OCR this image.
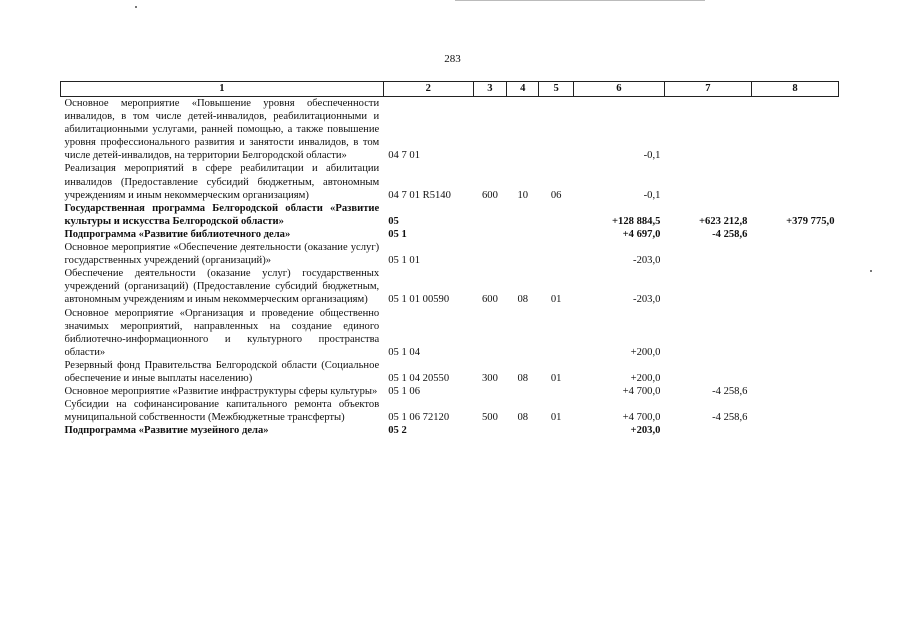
283
1	2	3	4	5	6	7	8
Основное мероприятие «Повышение уровня обеспеченности инвалидов, в том числе детей-инвалидов, реабилитационными и абилитационными услугами, ранней помощью, а также повышение уровня профессионального развития и занятости инвалидов, в том числе детей-инвалидов, на территории Белгородской области»	04 7 01				-0,1		
Реализация мероприятий в сфере реабилитации и абилитации инвалидов (Предоставление субсидий бюджетным, автономным учреждениям и иным некоммерческим организациям)	04 7 01 R5140	600	10	06	-0,1		
Государственная программа Белгородской области «Развитие культуры и искусства Белгородской области»	05				+128 884,5	+623 212,8	+379 775,0
Подпрограмма «Развитие библиотечного дела»	05 1				+4 697,0	-4 258,6	
Основное мероприятие «Обеспечение деятельности (оказание услуг) государственных учреждений (организаций)»	05 1 01				-203,0		
Обеспечение деятельности (оказание услуг) государственных учреждений (организаций) (Предоставление субсидий бюджетным, автономным учреждениям и иным некоммерческим организациям)	05 1 01 00590	600	08	01	-203,0		
Основное мероприятие «Организация и проведение общественно значимых мероприятий, направленных на создание единого библиотечно-информационного и культурного пространства области»	05 1 04				+200,0		
Резервный фонд Правительства Белгородской области (Социальное обеспечение и иные выплаты населению)	05 1 04 20550	300	08	01	+200,0		
Основное мероприятие «Развитие инфраструктуры сферы культуры»	05 1 06				+4 700,0	-4 258,6	
Субсидии на софинансирование капитального ремонта объектов муниципальной собственности (Межбюджетные трансферты)	05 1 06 72120	500	08	01	+4 700,0	-4 258,6	
Подпрограмма «Развитие музейного дела»	05 2				+203,0		
